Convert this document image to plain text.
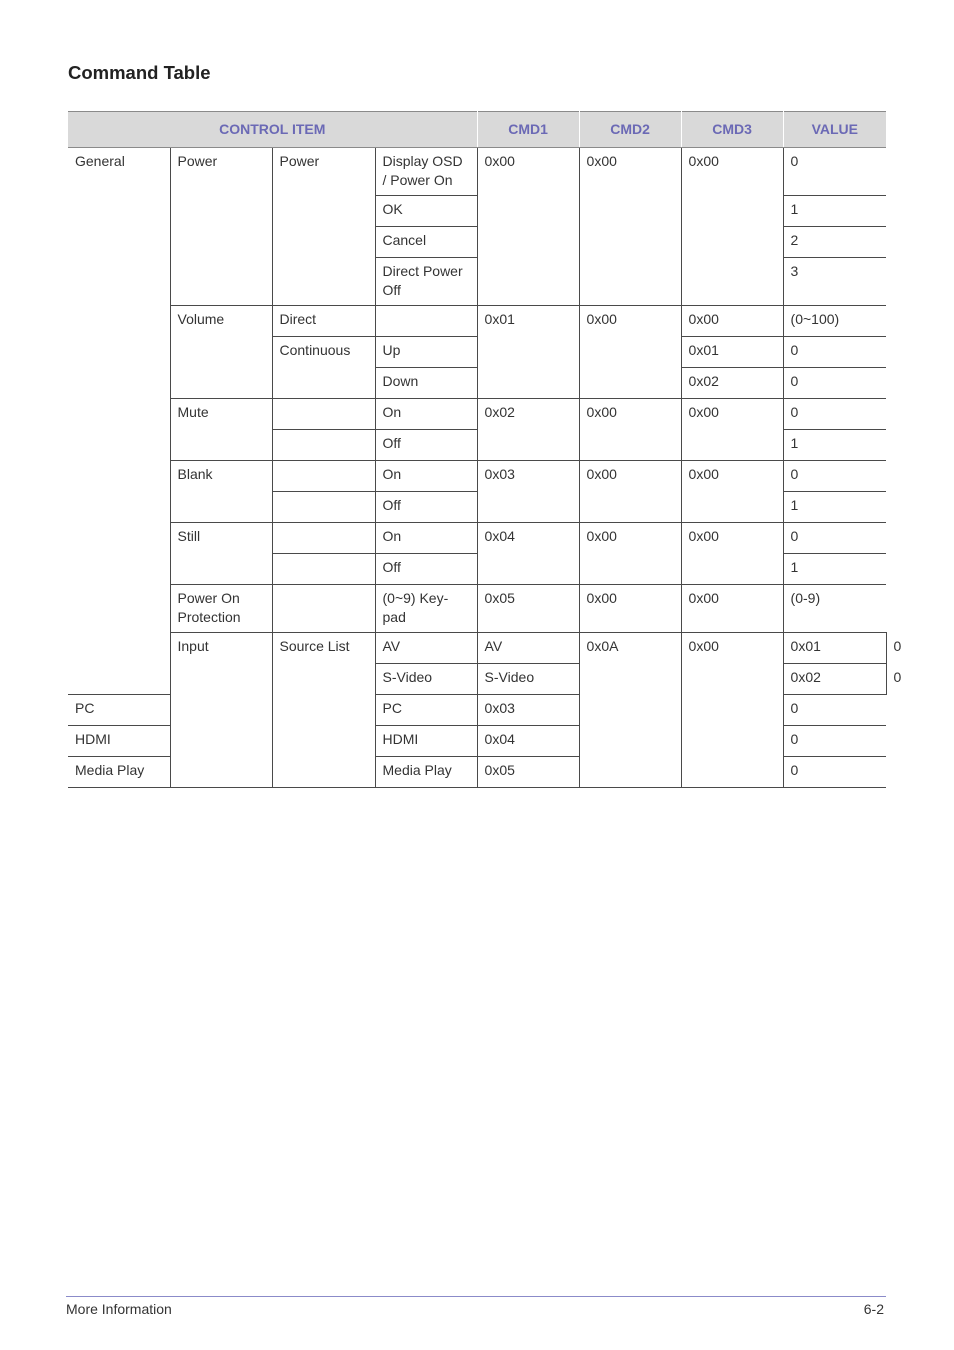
Command Table
CONTROL ITEM				CMD1	CMD2	CMD3	VALUE	
General	Power	Power	Display OSD / Power On	0x00	0x00	0x00	0	
			OK				1	
			Cancel				2	
			Direct Power Off				3	
	Volume	Direct		0x01	0x00	0x00	(0~100)	
		Continuous	Up			0x01	0	
			Down			0x02	0	
	Mute		On	0x02	0x00	0x00	0	
			Off				1	
	Blank		On	0x03	0x00	0x00	0	
			Off				1	
	Still		On	0x04	0x00	0x00	0	
			Off				1	
	Power On Protection		(0~9) Key-pad	0x05	0x00	0x00	(0-9)	
	Input	Source List	AV	AV	0x0A	0x00	0x01	0
			S-Video	S-Video			0x02	0
PC			PC	0x03			0	
HDMI			HDMI	0x04			0	
Media Play			Media Play	0x05			0	
More Information	6-2
